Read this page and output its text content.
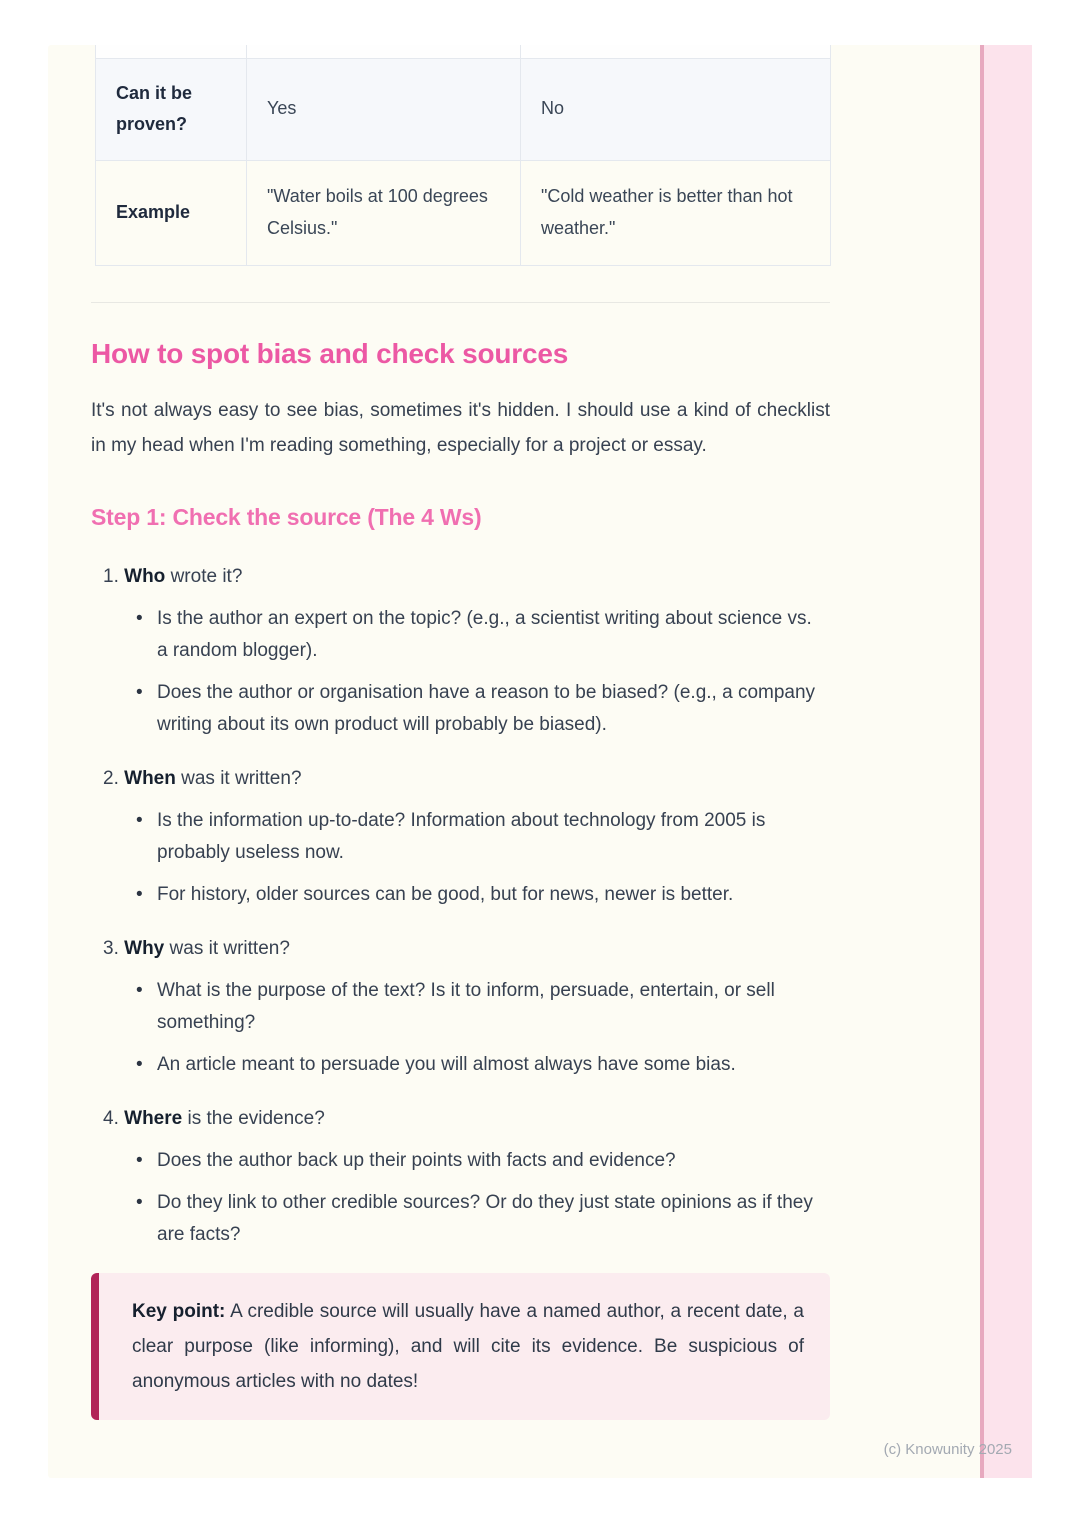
Can it be proven?	Yes	No
Example	"Water boils at 100 degrees Celsius."	"Cold weather is better than hot weather."
How to spot bias and check sources

It's not always easy to see bias, sometimes it's hidden. I should use a kind of checklist in my head when I'm reading something, especially for a project or essay.

Step 1: Check the source (The 4 Ws)
1. Who wrote it?
• Is the author an expert on the topic? (e.g., a scientist writing about science vs. a random blogger).
• Does the author or organisation have a reason to be biased? (e.g., a company writing about its own product will probably be biased).
2. When was it written?
• Is the information up-to-date? Information about technology from 2005 is probably useless now.
• For history, older sources can be good, but for news, newer is better.
3. Why was it written?
• What is the purpose of the text? Is it to inform, persuade, entertain, or sell something?
• An article meant to persuade you will almost always have some bias.
4. Where is the evidence?
• Does the author back up their points with facts and evidence?
• Do they link to other credible sources? Or do they just state opinions as if they are facts?
Key point: A credible source will usually have a named author, a recent date, a clear purpose (like informing), and will cite its evidence. Be suspicious of anonymous articles with no dates!
(c) Knowunity 2025
